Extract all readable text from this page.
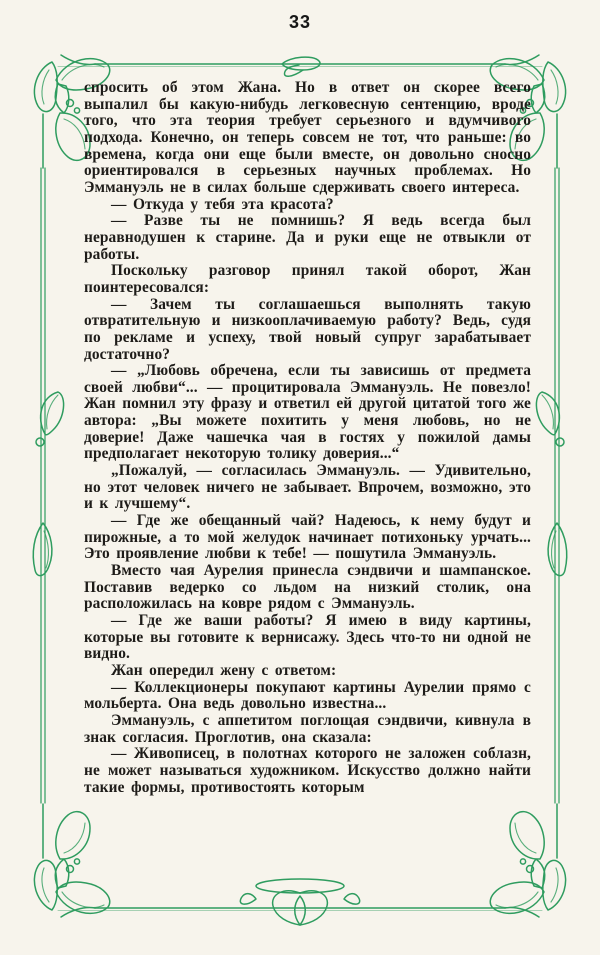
33

спросить об этом Жана. Но в ответ он скорее всего выпалил бы какую-нибудь легковесную сентенцию, вроде того, что эта теория требует серьезного и вдумчивого подхода. Конечно, он теперь совсем не тот, что раньше: во времена, когда они еще были вместе, он довольно сносно ориентировался в серьезных научных проблемах. Но Эммануэль не в силах больше сдерживать своего интереса.

— Откуда у тебя эта красота?

— Разве ты не помнишь? Я ведь всегда был неравнодушен к старине. Да и руки еще не отвыкли от работы.

Поскольку разговор принял такой оборот, Жан поинтересовался:

— Зачем ты соглашаешься выполнять такую отвратительную и низкооплачиваемую работу? Ведь, судя по рекламе и успеху, твой новый супруг зарабатывает достаточно?

— „Любовь обречена, если ты зависишь от предмета своей любви“... — процитировала Эммануэль. Не повезло! Жан помнил эту фразу и ответил ей другой цитатой того же автора: „Вы можете похитить у меня любовь, но не доверие! Даже чашечка чая в гостях у пожилой дамы предполагает некоторую толику доверия...“

„Пожалуй, — согласилась Эммануэль. — Удивительно, но этот человек ничего не забывает. Впрочем, возможно, это и к лучшему“.

— Где же обещанный чай? Надеюсь, к нему будут и пирожные, а то мой желудок начинает потихоньку урчать... Это проявление любви к тебе! — пошутила Эммануэль.

Вместо чая Аурелия принесла сэндвичи и шампанское. Поставив ведерко со льдом на низкий столик, она расположилась на ковре рядом с Эммануэль.

— Где же ваши работы? Я имею в виду картины, которые вы готовите к вернисажу. Здесь что-то ни одной не видно.

Жан опередил жену с ответом:

— Коллекционеры покупают картины Аурелии прямо с мольберта. Она ведь довольно известна...

Эммануэль, с аппетитом поглощая сэндвичи, кивнула в знак согласия. Проглотив, она сказала:

— Живописец, в полотнах которого не заложен соблазн, не может называться художником. Искусство должно найти такие формы, противостоять которым
